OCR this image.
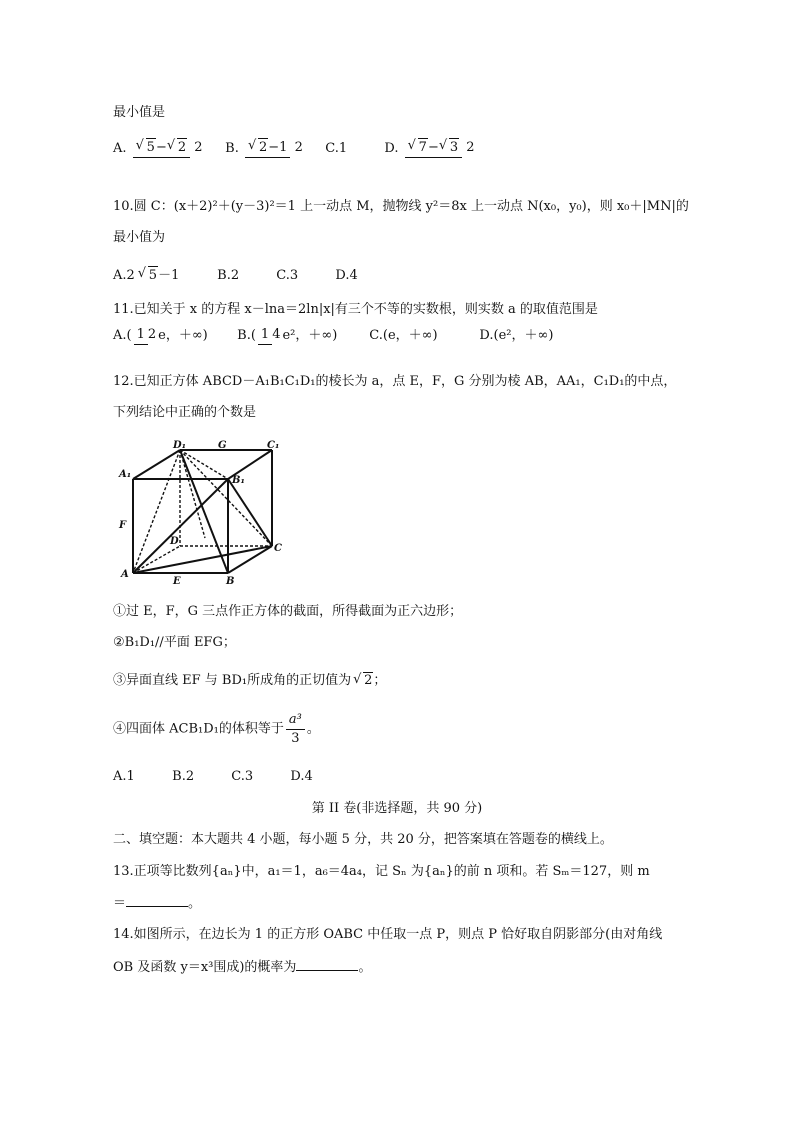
最小值是
A. √ 5− √ 2 2 B. √ 2−1 2 C.1	D. √ 7− √ 3 2
10.圆 C：(x＋2)²＋(y－3)²＝1 上一动点 M，抛物线 y²＝8x 上一动点 N(x₀，y₀)，则 x₀＋|MN|的
最小值为
A.2 √ 5－1	B.2	C.3	D.4
11.已知关于 x 的方程 x－lna＝2ln|x|有三个不等的实数根，则实数 a 的取值范围是
A.( 1 2 e，＋∞) B.( 1 4 e²，＋∞) C.(e，＋∞)	D.(e²，＋∞)
12.已知正方体 ABCD－A₁B₁C₁D₁的棱长为 a，点 E，F，G 分别为棱 AB，AA₁，C₁D₁的中点，
下列结论中正确的个数是
D₁	G	C₁
A₁
B₁
F
D
C
A
E	B
①过 E，F，G 三点作正方体的截面，所得截面为正六边形；
②B₁D₁//平面 EFG；
③异面直线 EF 与 BD₁所成角的正切值为 √ 2；
④四面体 ACB₁D₁的体积等于 $\frac{\text{a³}}{3}$ 。
A.1	B.2	C.3	D.4
第 II 卷(非选择题，共 90 分)
二、填空题：本大题共 4 小题，每小题 5 分，共 20 分，把答案填在答题卷的横线上。
13.正项等比数列{aₙ}中，a₁＝1，a₆＝4a₄，记 Sₙ 为{aₙ}的前 n 项和。若 Sₘ＝127，则 m
＝	。
14.如图所示，在边长为 1 的正方形 OABC 中任取一点 P，则点 P 恰好取自阴影部分(由对角线
OB 及函数 y＝x³围成)的概率为	。
